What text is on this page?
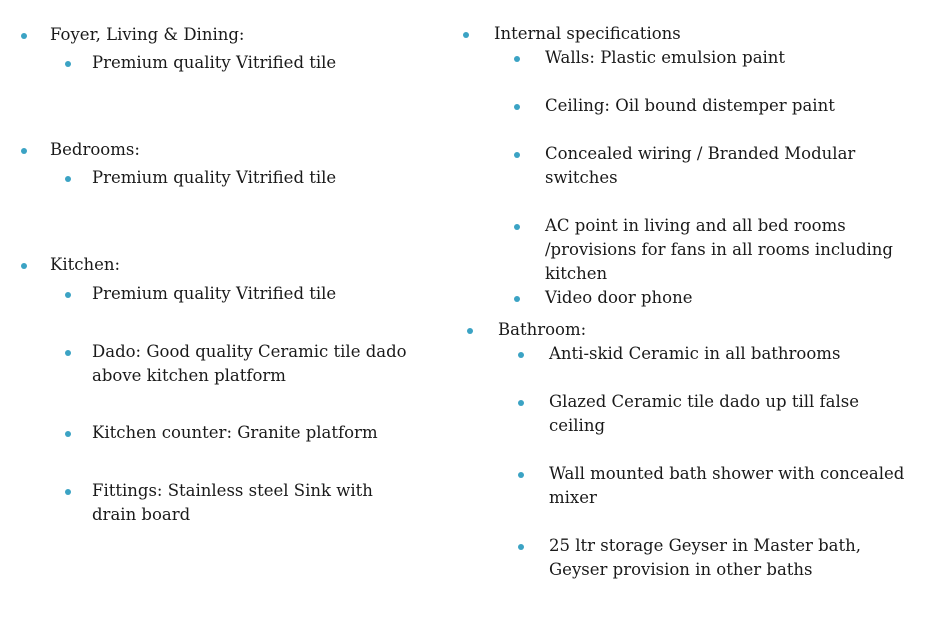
Foyer, Living & Dining:
Premium quality Vitrified tile
Bedrooms:
Premium quality Vitrified tile
Kitchen:
Premium quality Vitrified tile
Dado: Good quality Ceramic tile dado above kitchen platform
Kitchen counter: Granite platform
Fittings: Stainless steel Sink with drain board
Internal specifications
Walls: Plastic emulsion paint
Ceiling: Oil bound distemper paint
Concealed wiring / Branded Modular switches
AC point in living and all bed rooms /provisions for fans in all rooms including kitchen
Video door phone
Bathroom:
Anti-skid Ceramic in all bathrooms
Glazed Ceramic tile dado up till false ceiling
Wall mounted bath shower with concealed mixer
25 ltr storage Geyser in Master bath, Geyser provision in other baths
